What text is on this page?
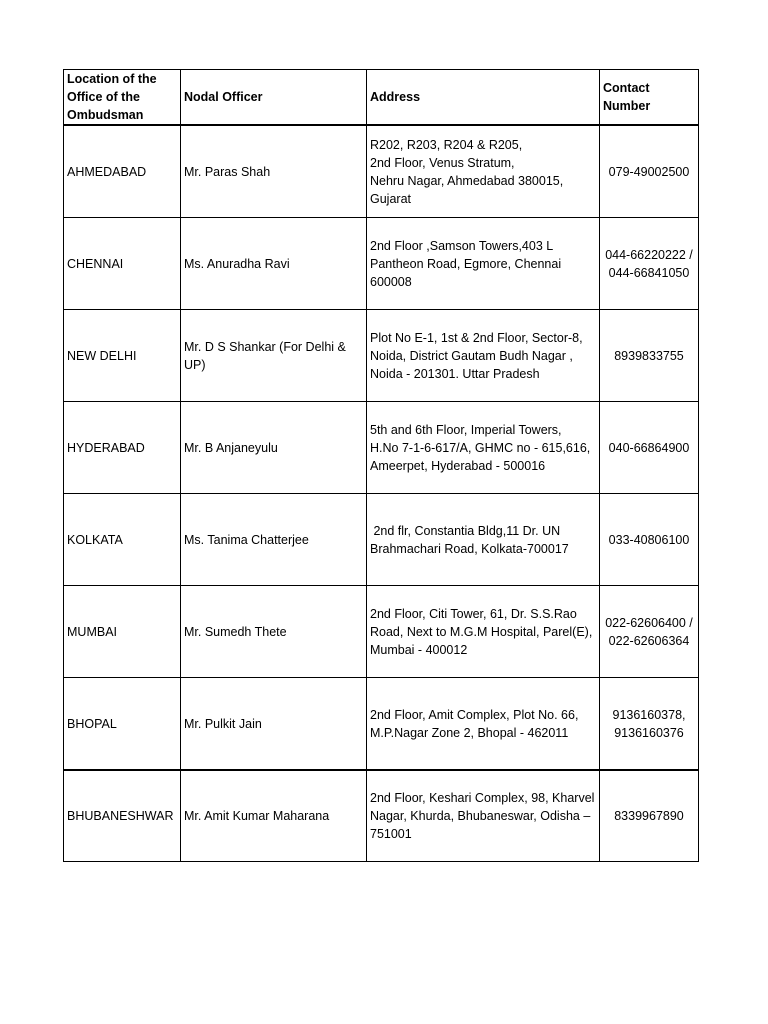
Location of the
Office of the
Ombudsman	Nodal Officer	Address	Contact
Number

AHMEDABAD	Mr. Paras Shah	R202, R203, R204 & R205,
2nd Floor, Venus Stratum,
Nehru Nagar, Ahmedabad 380015,
Gujarat	079-49002500

CHENNAI	Ms. Anuradha Ravi	2nd Floor ,Samson Towers,403 L
Pantheon Road, Egmore, Chennai
600008	044-66220222 /
044-66841050

NEW DELHI	Mr. D S Shankar (For Delhi &
UP)	Plot No E-1, 1st & 2nd Floor, Sector-8,
Noida, District Gautam Budh Nagar ,
Noida - 201301. Uttar Pradesh	8939833755

HYDERABAD	Mr. B Anjaneyulu	5th and 6th Floor, Imperial Towers,
H.No 7-1-6-617/A, GHMC no - 615,616,
Ameerpet, Hyderabad - 500016	040-66864900

KOLKATA	Ms. Tanima Chatterjee	2nd flr, Constantia Bldg,11 Dr. UN
Brahmachari Road, Kolkata-700017	033-40806100

MUMBAI	Mr. Sumedh Thete	2nd Floor, Citi Tower, 61, Dr. S.S.Rao
Road, Next to M.G.M Hospital, Parel(E),
Mumbai - 400012	022-62606400 /
022-62606364

BHOPAL	Mr. Pulkit Jain	2nd Floor, Amit Complex, Plot No. 66,
M.P.Nagar Zone 2, Bhopal - 462011	9136160378,
9136160376

BHUBANESHWAR	Mr. Amit Kumar Maharana	2nd Floor, Keshari Complex, 98, Kharvel
Nagar, Khurda, Bhubaneswar, Odisha –
751001	8339967890
